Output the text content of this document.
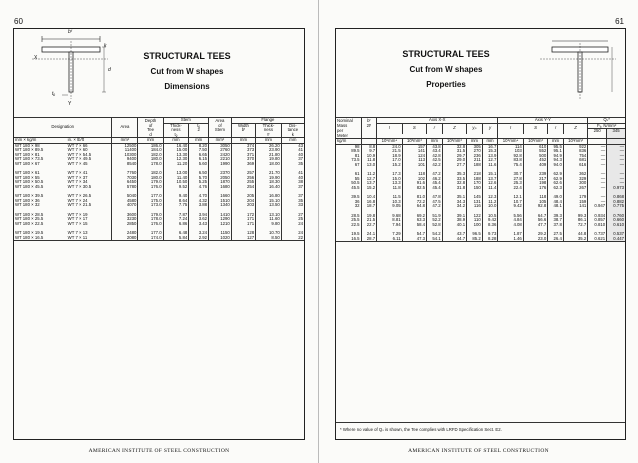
60
bᶠ
X
Y
k
d
tᵨ
STRUCTURAL TEES
Cut from W shapes
Dimensions
Designation		Area	Depth	Stem		Area	Flange		
			of	Thick-	tᵨ	of	Width	Thick-	Dis-
			Tee	ness	2	Stem	bᶠ	ness	tance
			d	tᵨ				tᶠ	k
mm × kg/m	in. × lb/ft	mm²	mm	mm	mm	mm²	mm	mm	mm
WT 180 × 98	WT 7 × 66	12500	186.0	16.40	8.20	3050	374	26.20	43
WT 180 × 89.5	WT 7 × 60	11400	184.0	15.00	7.50	2760	373	23.90	41
WT 180 × 81	WT 7 × 54.5	10300	182.0	13.30	6.65	2420	371	21.80	40
WT 180 × 73.5	WT 7 × 49.5	9400	180.0	12.30	6.15	2210	370	19.80	37
WT 180 × 67	WT 7 × 45	8540	178.0	11.20	5.60	1990	369	18.00	35

WT 180 × 61	WT 7 × 41	7760	182.0	13.00	6.50	2370	257	21.70	41
WT 180 × 55	WT 7 × 37	7030	180.0	11.40	5.70	2050	256	19.90	40
WT 180 × 50.5	WT 7 × 34	6450	179.0	10.50	5.25	1870	255	18.30	38
WT 180 × 45.5	WT 7 × 30.5	5780	176.0	9.52	4.76	1680	254	16.40	37

WT 180 × 39.5	WT 7 × 26.5	5040	177.0	9.40	4.70	1660	205	16.80	37
WT 180 × 36	WT 7 × 24	4580	175.0	8.64	4.32	1510	204	15.10	35
WT 180 × 32	WT 7 × 21.5	4070	173.0	7.75	3.88	1340	203	13.50	33

WT 180 × 28.5	WT 7 × 19	3600	179.0	7.87	3.94	1410	172	13.10	27
WT 180 × 25.5	WT 7 × 17	3230	178.0	7.24	3.62	1290	171	11.60	25
WT 180 × 22.5	WT 7 × 15	2850	176.0	6.86	3.43	1210	171	9.80	24

WT 180 × 19.5	WT 7 × 13	2480	177.0	6.48	3.24	1150	128	10.70	24
WT 180 × 16.5	WT 7 × 11	2080	174.0	5.84	2.92	1020	127	8.50	22
AMERICAN INSTITUTE OF STEEL CONSTRUCTION
61
STRUCTURAL TEES
Cut from W shapes
Properties
Nominal	bᶠ	Axis X-X						Axis Y-Y				Qₛ*	
Mass	2tᶠ	I	S	r	Z	yₚ	y	I	S	r	Z	Fᵧ, N/mm²	
per												250	345
Meter													
kg/m		10⁶mm⁴	10³mm³	mm	10³mm³	mm	mm	10⁶mm⁴	10³mm³	mm	10³mm³		
98	8.8	24.0	157	43.8	32.8	305	16.7	114	610	95.5	922	—	—
89.5	9.7	21.5	141	43.4	31.5	270	15.3	103	552	95.1	836	—	—
81	10.9	18.9	124	42.8	29.7	236	13.9	92.8	500	94.9	754	—	—
73.5	11.8	17.0	113	42.5	29.0	211	12.7	83.8	452	94.3	681	—	—
67	13.0	15.2	101	42.2	27.7	188	11.6	75.4	409	94.0	616	—	—

61	11.2	17.3	118	47.2	35.3	218	15.1	30.7	239	62.9	362	—	—
55	12.7	15.0	102	46.2	33.5	188	13.7	27.8	217	62.9	329	—	—
50.5	13.7	13.3	91.6	45.4	32.8	170	12.6	25.3	198	62.6	300	—	—
45.5	15.2	11.8	82.5	45.4	31.8	150	11.4	22.4	176	62.3	267	—	0.973

39.5	10.4	11.5	81.0	47.8	35.1	145	12.3	12.1	118	49.0	179	—	0.868
36	16.8	10.3	72.2	47.5	34.3	131	11.2	10.7	105	48.4	159	—	0.882
32	18.7	9.05	64.8	47.2	34.2	116	10.0	9.42	92.8	48.1	141	0.947	0.775

28.5	19.8	9.68	69.2	51.9	39.1	122	10.5	5.56	64.7	39.3	99.3	0.934	0.760
25.5	21.5	8.81	63.3	52.2	38.9	110	9.42	4.84	56.6	38.7	86.1	0.857	0.660
22.5	22.7	7.94	58.4	52.8	40.1	100	8.36	4.08	47.7	37.8	72.7	0.810	0.610

19.5	24.1	7.29	54.7	54.2	43.7	96.5	9.73	1.87	29.2	27.5	44.8	0.737	0.537
16.5	28.7	6.11	47.3	54.1	44.7	85.2	8.28	1.46	23.0	26.4	35.2	0.621	0.447
* Where no value of Qₛ is shown, the Tee complies with LRFD Specification Sect. E2.
AMERICAN INSTITUTE OF STEEL CONSTRUCTION
